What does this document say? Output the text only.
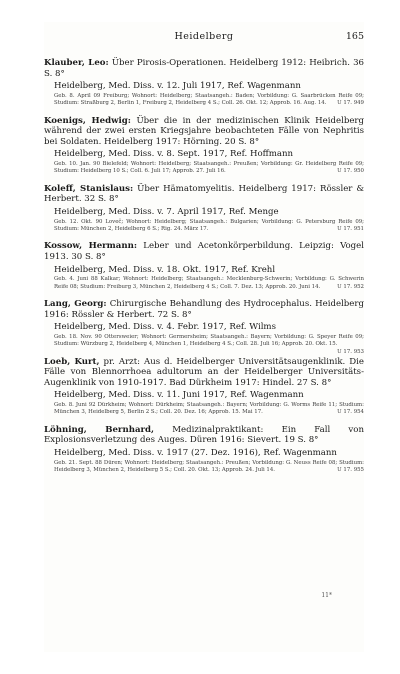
Heidelberg	165

Klauber, Leo: Über Pirosis-Operationen. Heidelberg 1912: Heibrich. 36 S. 8°

Heidelberg, Med. Diss. v. 12. Juli 1917, Ref. Wagenmann

Geb. 8. April 09 Freiburg; Wohnort: Heidelberg; Staatsangeh.: Baden; Vorbildung: G. Saarbrücken Reife 09; Studium: Straßburg 2, Berlin 1, Freiburg 2, Heidelberg 4 S.; Coll. 26. Okt. 12; Approb. 16. Aug. 14. U 17. 949

Koenigs, Hedwig: Über die in der medizinischen Klinik Heidelberg während der zwei ersten Kriegsjahre beobachteten Fälle von Nephritis bei Soldaten. Heidelberg 1917: Hörning. 20 S. 8°

Heidelberg, Med. Diss. v. 8. Sept. 1917, Ref. Hoffmann

Geb. 10. Jan. 90 Bielefeld; Wohnort: Heidelberg; Staatsangeh.: Preußen; Vorbildung: Gr. Heidelberg Reife 09; Studium: Heidelberg 10 S.; Coll. 6. Juli 17; Approb. 27. Juli 16.	U 17. 950

Koleff, Stanislaus: Über Hämatomyelitis. Heidelberg 1917: Rössler & Herbert. 32 S. 8°

Heidelberg, Med. Diss. v. 7. April 1917, Ref. Menge

Geb. 12. Okt. 90 Loveč; Wohnort: Heidelberg; Staatsangeh.: Bulgarien; Vorbildung: G. Petersburg Reife 09; Studium: München 2, Heidelberg 6 S.; Rig. 24. März 17.	U 17. 951

Kossow, Hermann: Leber und Acetonkörperbildung. Leipzig: Vogel 1913. 30 S. 8°

Heidelberg, Med. Diss. v. 18. Okt. 1917, Ref. Krehl

Geb. 4. Juni 88 Kalkar; Wohnort: Heidelberg; Staatsangeh.: Mecklenburg-Schwerin; Vorbildung: G. Schwerin Reife 08; Studium: Freiburg 3, München 2, Heidelberg 4 S.; Coll. 7. Dez. 13; Approb. 20. Juni 14.	U 17. 952

Lang, Georg: Chirurgische Behandlung des Hydrocephalus. Heidelberg 1916: Rössler & Herbert. 72 S. 8°

Heidelberg, Med. Diss. v. 4. Febr. 1917, Ref. Wilms

Geb. 18. Nov. 90 Ottersweier; Wohnort: Germersheim; Staatsangeh.: Bayern; Vorbildung: G. Speyer Reife 09; Studium: Würzburg 2, Heidelberg 4, München 1, Heidelberg 4 S.; Coll. 28. Juli 16; Approb. 20. Okt. 15.
U 17. 953

Loeb, Kurt, pr. Arzt: Aus d. Heidelberger Universitätsaugenklinik. Die Fälle von Blennorrhoea adultorum an der Heidelberger Universitäts-Augenklinik von 1910-1917. Bad Dürkheim 1917: Hindel. 27 S. 8°

Heidelberg, Med. Diss. v. 11. Juni 1917, Ref. Wagenmann

Geb. 8. Juni 92 Dürkheim; Wohnort: Dürkheim; Staatsangeh.: Bayern; Vorbildung: G. Worms Reife 11; Studium: München 3, Heidelberg 5, Berlin 2 S.; Coll. 20. Dez. 16; Approb. 15. Mai 17.	U 17. 954

Löhning, Bernhard, Medizinalpraktikant: Ein Fall von Explosionsverletzung des Auges. Düren 1916: Sievert. 19 S. 8°

Heidelberg, Med. Diss. v. 1917 (27. Dez. 1916), Ref. Wagenmann

Geb. 21. Sept. 88 Düren; Wohnort: Heidelberg; Staatsangeh.: Preußen; Vorbildung: G. Neuss Reife 08; Studium: Heidelberg 3, München 2, Heidelberg 5 S.; Coll. 20. Okt. 13; Approb. 24. Juli 14.	U 17. 955

11*
